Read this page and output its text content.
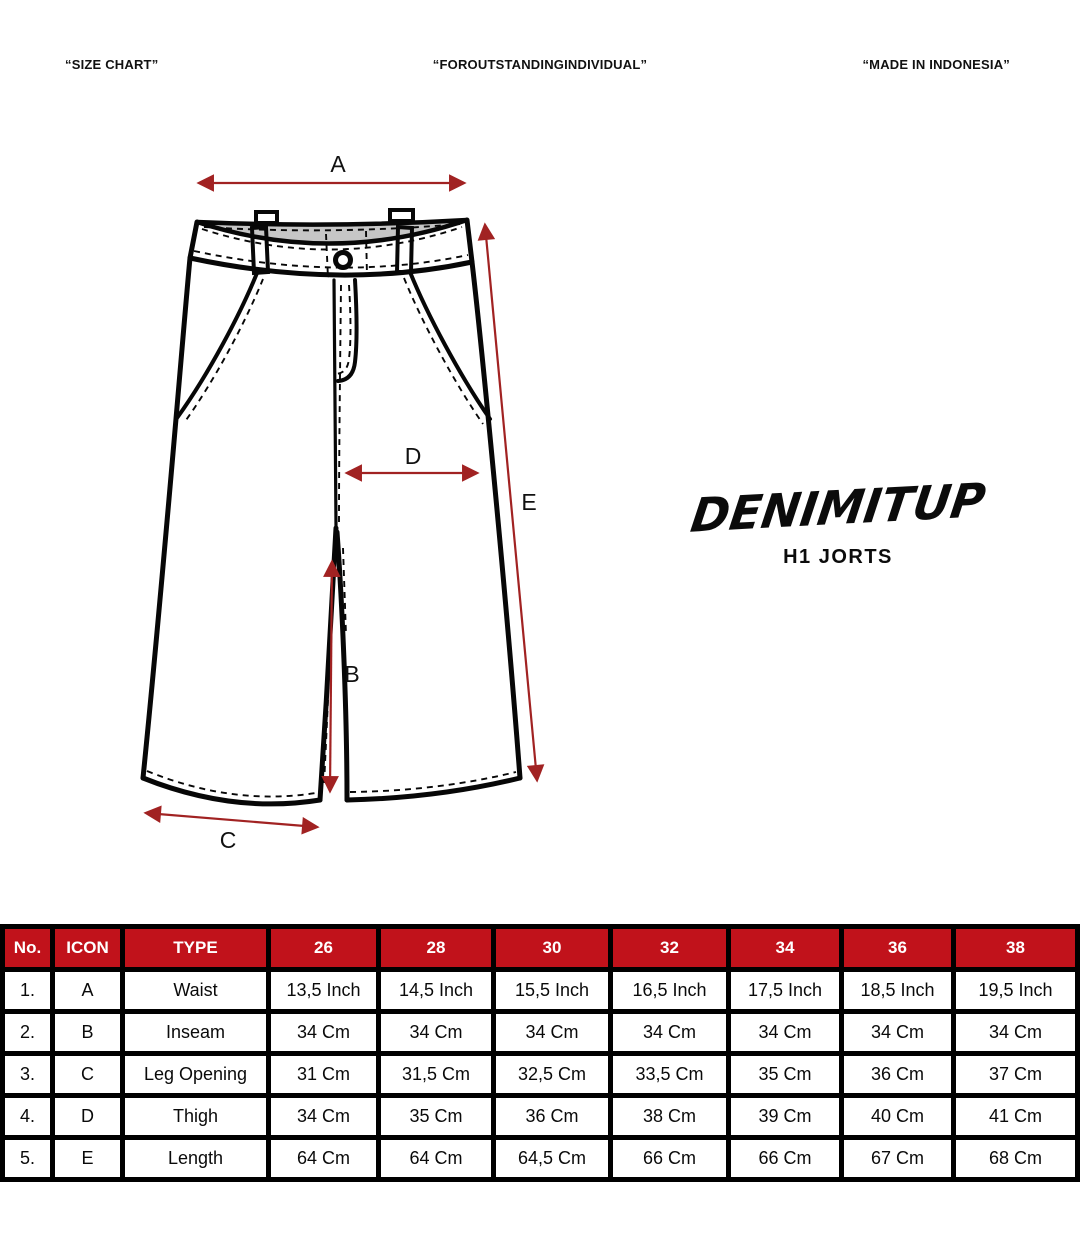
“SIZE CHART”	“FOROUTSTANDINGINDIVIDUAL”	“MADE IN INDONESIA”
A
E
D
B
C
DENIMITUP
H1 JORTS
No.	ICON	TYPE	26	28	30	32	34	36	38
1.	A	Waist	13,5 Inch	14,5 Inch	15,5 Inch	16,5 Inch	17,5 Inch	18,5 Inch	19,5 Inch
2.	B	Inseam	34 Cm	34 Cm	34 Cm	34 Cm	34 Cm	34 Cm	34 Cm
3.	C	Leg Opening	31 Cm	31,5 Cm	32,5 Cm	33,5 Cm	35 Cm	36 Cm	37 Cm
4.	D	Thigh	34 Cm	35 Cm	36 Cm	38 Cm	39 Cm	40 Cm	41 Cm
5.	E	Length	64 Cm	64 Cm	64,5 Cm	66 Cm	66 Cm	67 Cm	68 Cm
